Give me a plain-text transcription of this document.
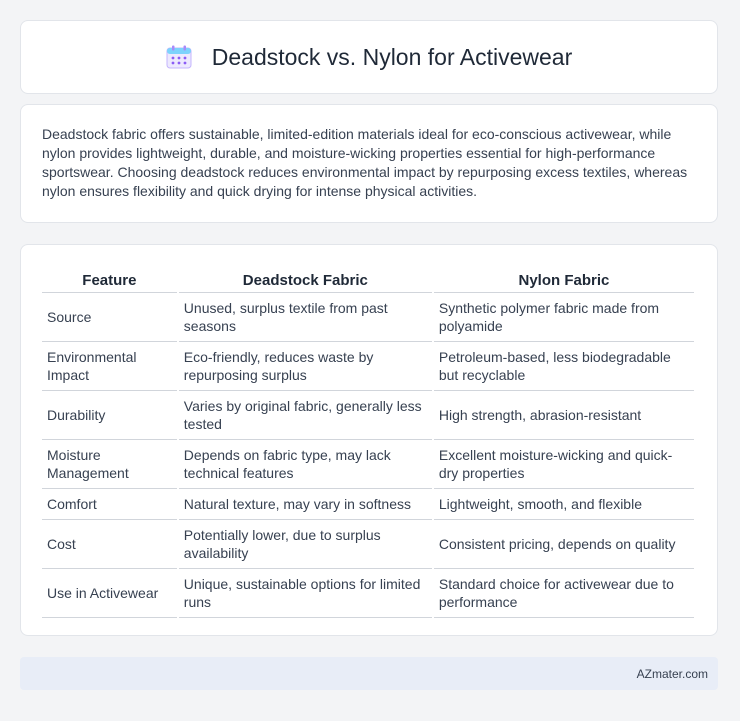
Deadstock vs. Nylon for Activewear

Deadstock fabric offers sustainable, limited-edition materials ideal for eco-conscious activewear, while nylon provides lightweight, durable, and moisture-wicking properties essential for high-performance sportswear. Choosing deadstock reduces environmental impact by repurposing excess textiles, whereas nylon ensures flexibility and quick drying for intense physical activities.

Feature	Deadstock Fabric	Nylon Fabric
Source	Unused, surplus textile from past seasons	Synthetic polymer fabric made from polyamide
Environmental Impact	Eco-friendly, reduces waste by repurposing surplus	Petroleum-based, less biodegradable but recyclable
Durability	Varies by original fabric, generally less tested	High strength, abrasion-resistant
Moisture Management	Depends on fabric type, may lack technical features	Excellent moisture-wicking and quick-dry properties
Comfort	Natural texture, may vary in softness	Lightweight, smooth, and flexible
Cost	Potentially lower, due to surplus availability	Consistent pricing, depends on quality
Use in Activewear	Unique, sustainable options for limited runs	Standard choice for activewear due to performance
AZmater.com
